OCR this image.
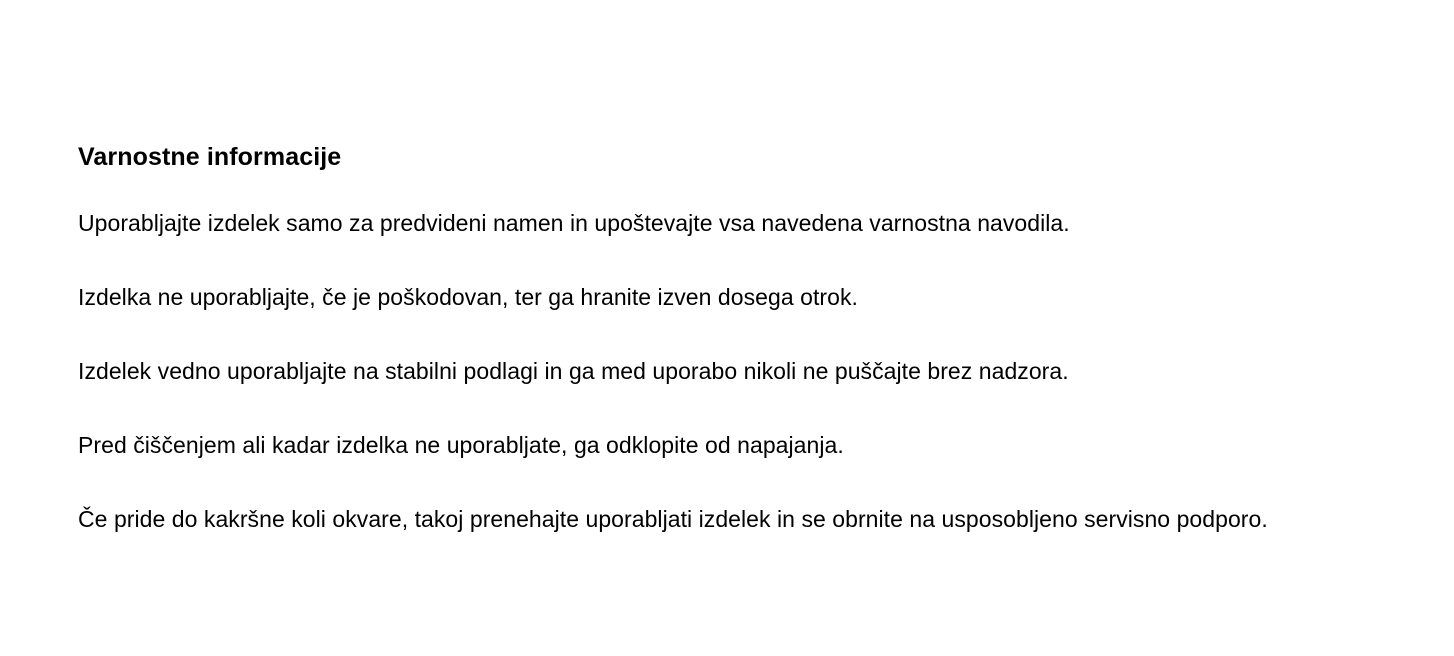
Varnostne informacije

Uporabljajte izdelek samo za predvideni namen in upoštevajte vsa navedena varnostna navodila.

Izdelka ne uporabljajte, če je poškodovan, ter ga hranite izven dosega otrok.

Izdelek vedno uporabljajte na stabilni podlagi in ga med uporabo nikoli ne puščajte brez nadzora.

Pred čiščenjem ali kadar izdelka ne uporabljate, ga odklopite od napajanja.

Če pride do kakršne koli okvare, takoj prenehajte uporabljati izdelek in se obrnite na usposobljeno servisno podporo.
